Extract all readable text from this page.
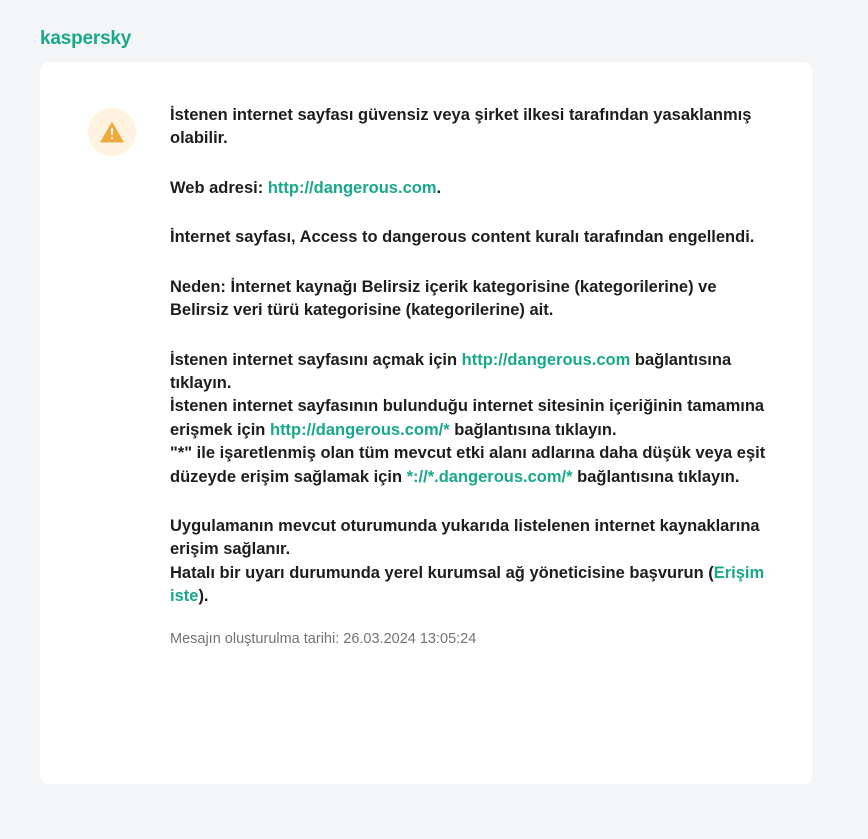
kaspersky

İstenen internet sayfası güvensiz veya şirket ilkesi tarafından yasaklanmış olabilir.

Web adresi: http://dangerous.com.

İnternet sayfası, Access to dangerous content kuralı tarafından engellendi.

Neden: İnternet kaynağı Belirsiz içerik kategorisine (kategorilerine) ve Belirsiz veri türü kategorisine (kategorilerine) ait.

İstenen internet sayfasını açmak için http://dangerous.com bağlantısına tıklayın.

İstenen internet sayfasının bulunduğu internet sitesinin içeriğinin tamamına erişmek için http://dangerous.com/* bağlantısına tıklayın.

"*" ile işaretlenmiş olan tüm mevcut etki alanı adlarına daha düşük veya eşit düzeyde erişim sağlamak için *://*.dangerous.com/* bağlantısına tıklayın.

Uygulamanın mevcut oturumunda yukarıda listelenen internet kaynaklarına erişim sağlanır.

Hatalı bir uyarı durumunda yerel kurumsal ağ yöneticisine başvurun (Erişim iste).

Mesajın oluşturulma tarihi: 26.03.2024 13:05:24
